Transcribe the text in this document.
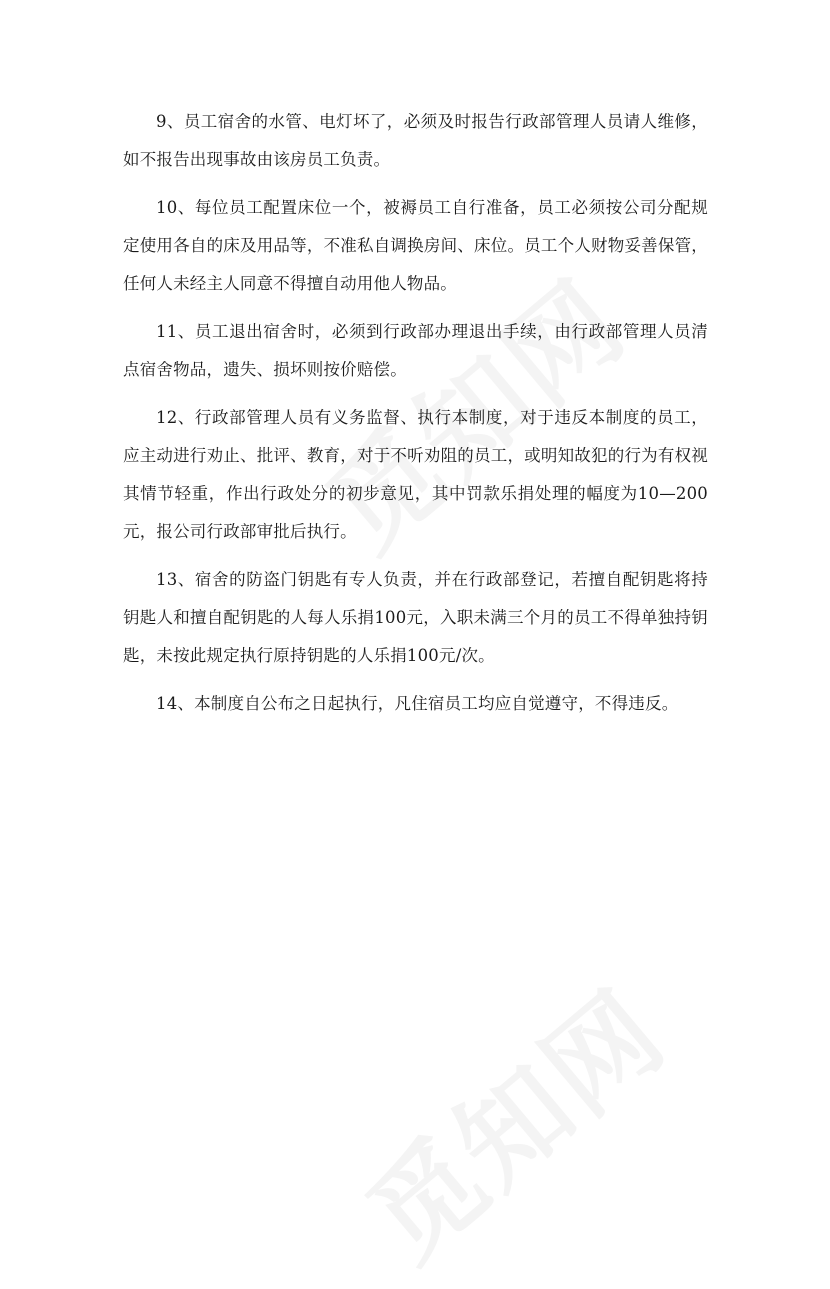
9、员工宿舍的水管、电灯坏了，必须及时报告行政部管理人员请人维修，如不报告出现事故由该房员工负责。

10、每位员工配置床位一个，被褥员工自行准备，员工必须按公司分配规定使用各自的床及用品等，不准私自调换房间、床位。员工个人财物妥善保管，任何人未经主人同意不得擅自动用他人物品。

11、员工退出宿舍时，必须到行政部办理退出手续，由行政部管理人员清点宿舍物品，遗失、损坏则按价赔偿。

12、行政部管理人员有义务监督、执行本制度，对于违反本制度的员工，应主动进行劝止、批评、教育，对于不听劝阻的员工，或明知故犯的行为有权视其情节轻重，作出行政处分的初步意见，其中罚款乐捐处理的幅度为10—200元，报公司行政部审批后执行。

13、宿舍的防盗门钥匙有专人负责，并在行政部登记，若擅自配钥匙将持钥匙人和擅自配钥匙的人每人乐捐100元，入职未满三个月的员工不得单独持钥匙，未按此规定执行原持钥匙的人乐捐100元/次。

14、本制度自公布之日起执行，凡住宿员工均应自觉遵守，不得违反。
